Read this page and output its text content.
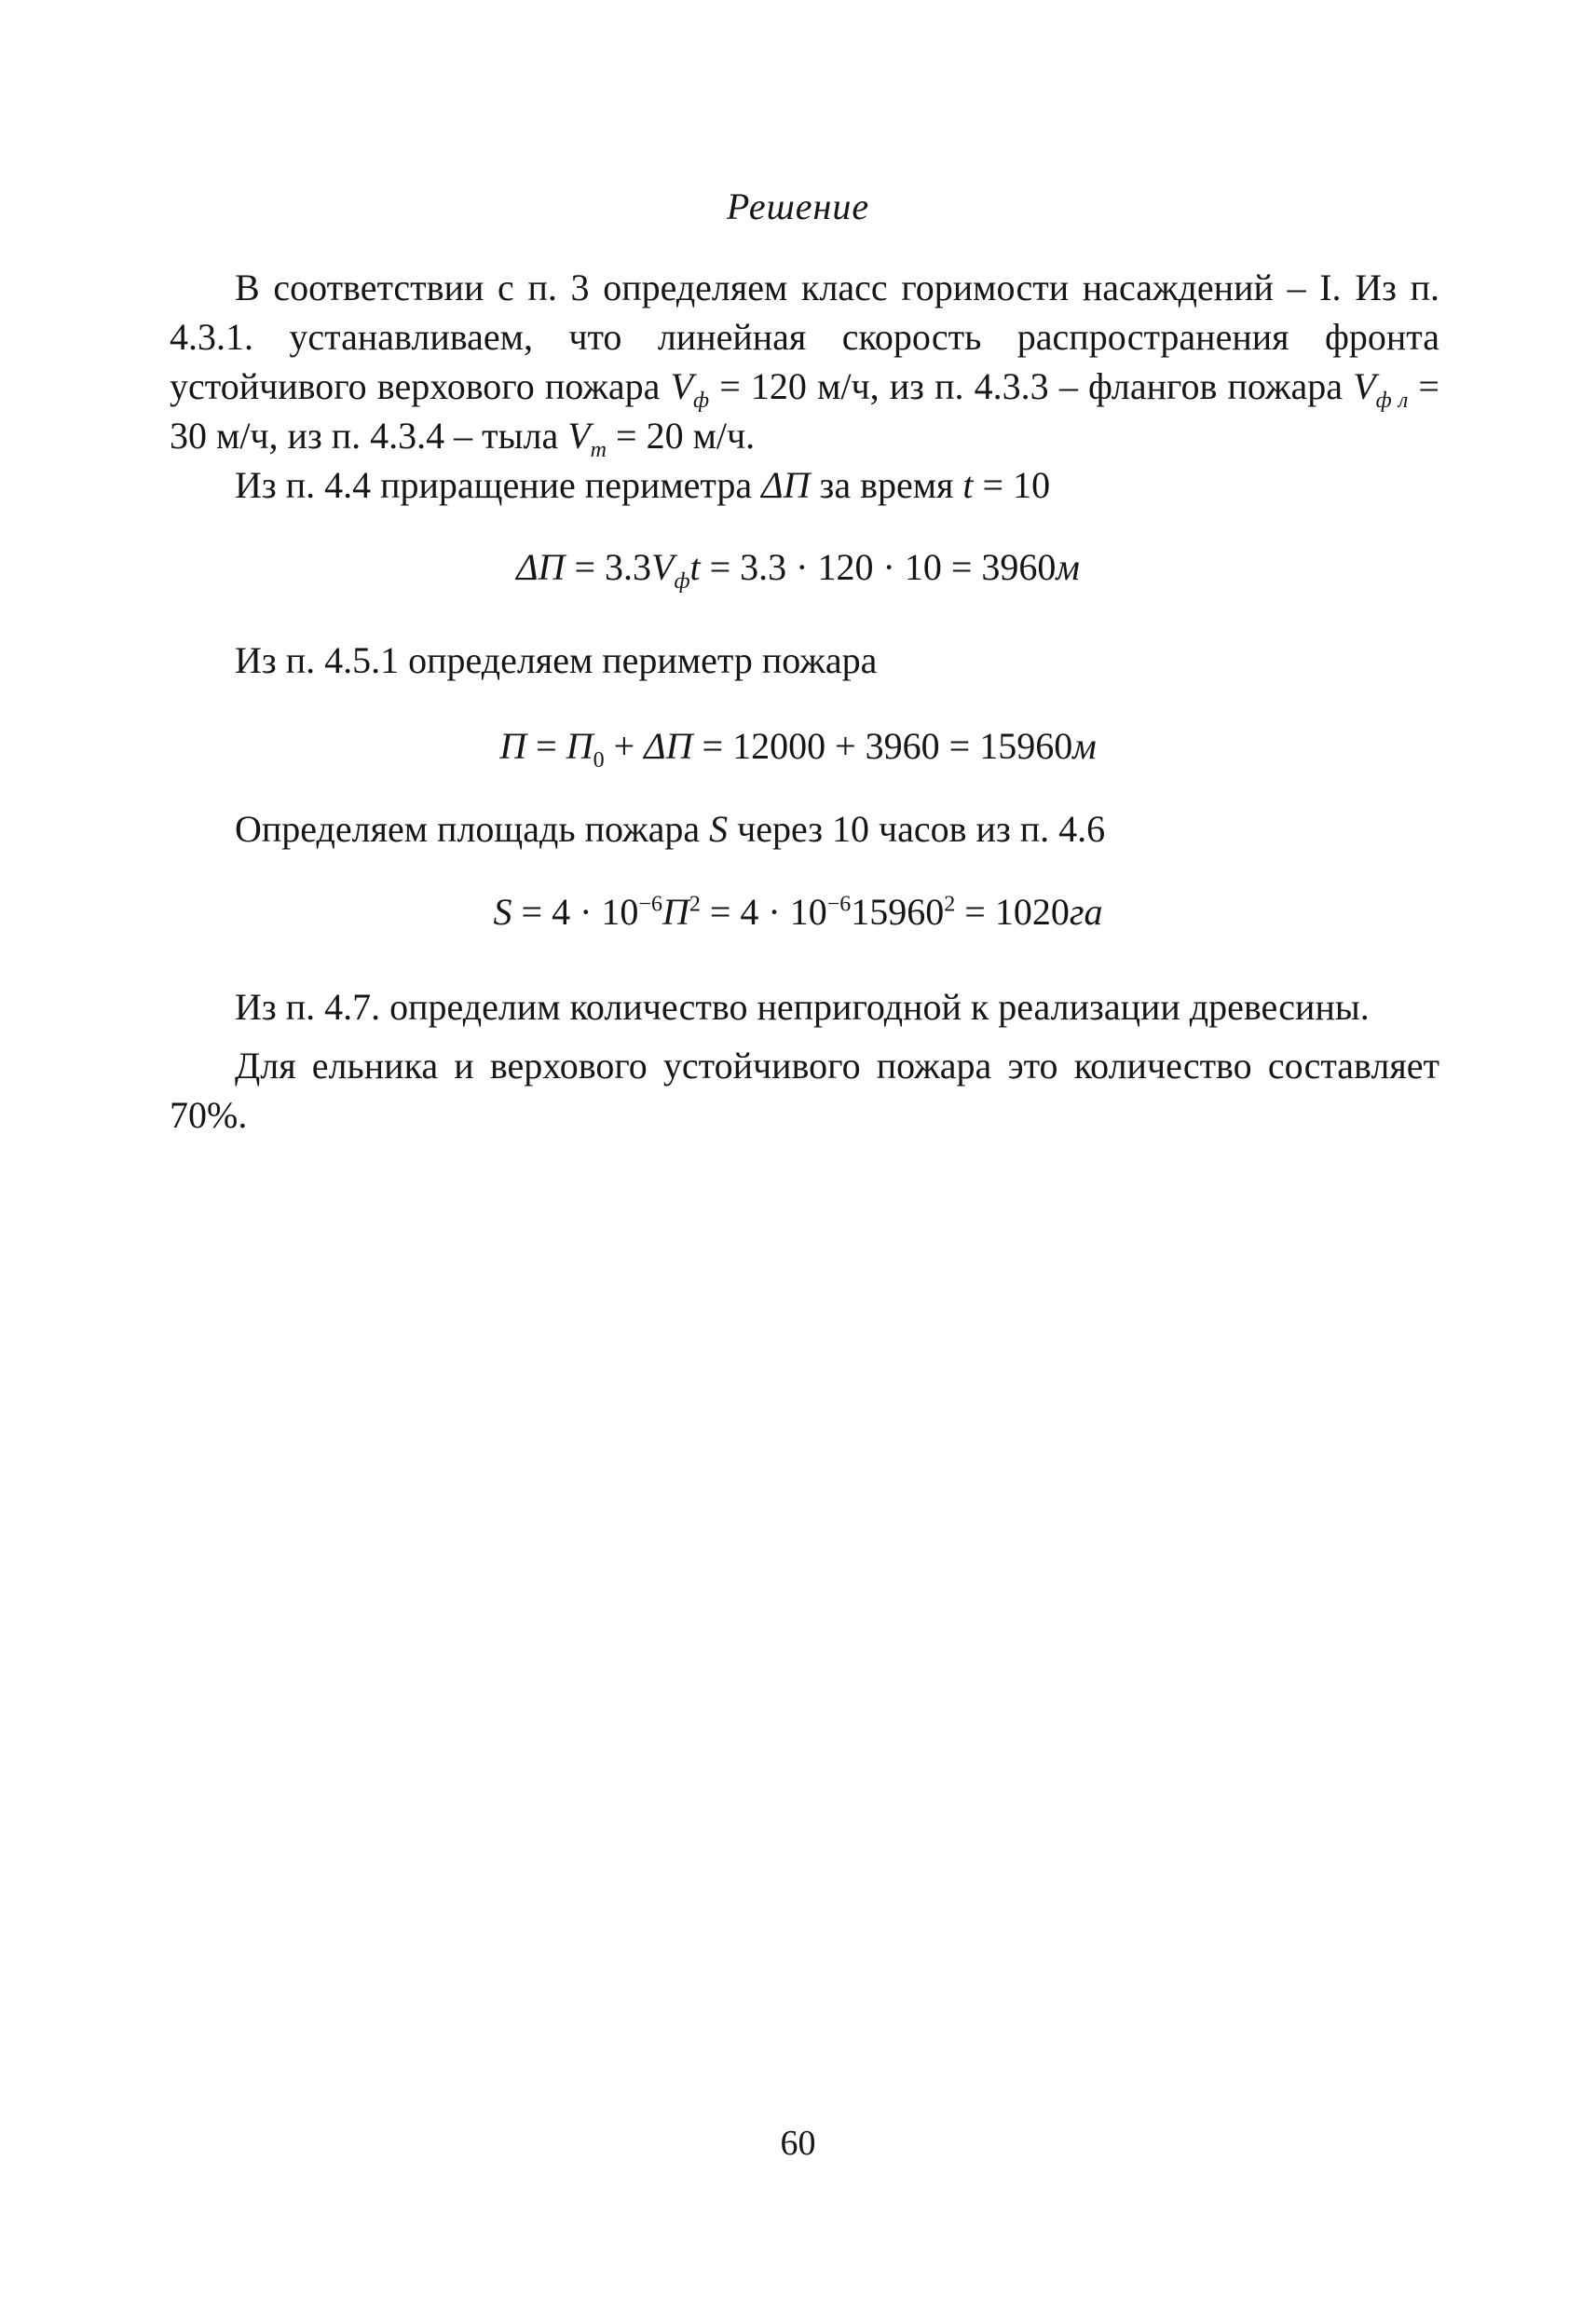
Решение

В соответствии с п. 3 определяем класс горимости насаждений – I. Из п. 4.3.1. устанавливаем, что линейная скорость распространения фронта устойчивого верхового пожара $V_ф = 120$ м/ч, из п. 4.3.3 – флангов пожара $V_{ф л} = 30$ м/ч, из п. 4.3.4 – тыла $V_т = 20$ м/ч.

Из п. 4.4 приращение периметра ΔП за время t = 10

$\Delta П = 3.3V_фt = 3.3 \cdot 120 \cdot 10 = 3960м$

Из п. 4.5.1 определяем периметр пожара

$П = П_0 + \Delta П = 12000 + 3960 = 15960м$

Определяем площадь пожара S через 10 часов из п. 4.6

$S = 4 \cdot 10^{-6}П^2 = 4 \cdot 10^{-6}15960^2 = 1020га$

Из п. 4.7. определим количество непригодной к реализации древесины.

Для ельника и верхового устойчивого пожара это количество составляет 70%.

60
